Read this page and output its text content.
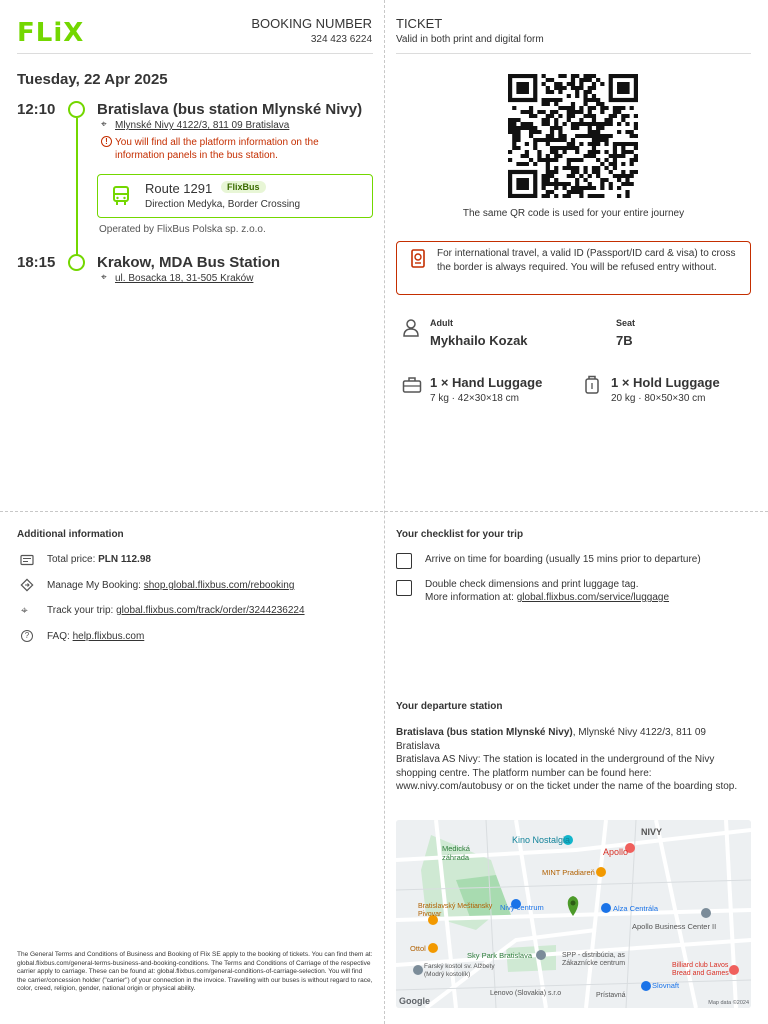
FLiX	BOOKING NUMBER
324 423 6224
Tuesday, 22 Apr 2025
12:10	Bratislava (bus station Mlynské Nivy)
⌖ Mlynské Nivy 4122/3, 811 09 Bratislava
! You will find all the platform information on the information panels in the bus station.
Route 1291	FlixBus
Direction Medyka, Border Crossing
Operated by FlixBus Polska sp. z.o.o.
18:15	Krakow, MDA Bus Station
⌖ ul. Bosacka 18, 31-505 Kraków
TICKET
Valid in both print and digital form
The same QR code is used for your entire journey
For international travel, a valid ID (Passport/ID card & visa) to cross the border is always required. You will be refused entry without.
Adult
Mykhailo Kozak
Seat
7B
1 × Hand Luggage
7 kg · 42×30×18 cm
1 × Hold Luggage
20 kg · 80×50×30 cm
Additional information
Total price: PLN 112.98
Manage My Booking: shop.global.flixbus.com/rebooking
⌖ Track your trip: global.flixbus.com/track/order/3244236224
?	FAQ: help.flixbus.com
The General Terms and Conditions of Business and Booking of Flix SE apply to the booking of tickets. You can find them at: global.flixbus.com/general-terms-business-and-booking-conditions. The Terms and Conditions of Carriage of the respective carrier apply to carriage. These can be found at: global.flixbus.com/general-conditions-of-carriage-selection. You will find the carrier/concession holder ("carrier") of your connection in the invoice. Travelling with our buses is without regard to race, color, creed, religion, gender, national origin or physical ability.
Your checklist for your trip
Arrive on time for boarding (usually 15 mins prior to departure)
Double check dimensions and print luggage tag.
More information at: global.flixbus.com/service/luggage
Your departure station
Bratislava (bus station Mlynské Nivy), Mlynské Nivy 4122/3, 811 09 Bratislava
Bratislava AS Nivy: The station is located in the underground of the Nivy shopping centre. The platform number can be found here: www.nivy.com/autobusy or on the ticket under the name of the boarding stop.
Kino Nostalgia
NIVY
Apollo
Medická záhrada
MINT Pradiareň
Bratislavský Meštiansky Pivovar
Nivy centrum	Alza Centrála
Apollo Business Center II
Ottol
Sky Park Bratislava	SPP - distribúcia, as Zákaznícke centrum
Farský kostol sv. Alžbety (Modrý kostolík)
Lenovo (Slovakia) s.r.o
Slovnaft
Billiard club Lavos Bread and Games
Prístavná
Google	Map data ©2024
